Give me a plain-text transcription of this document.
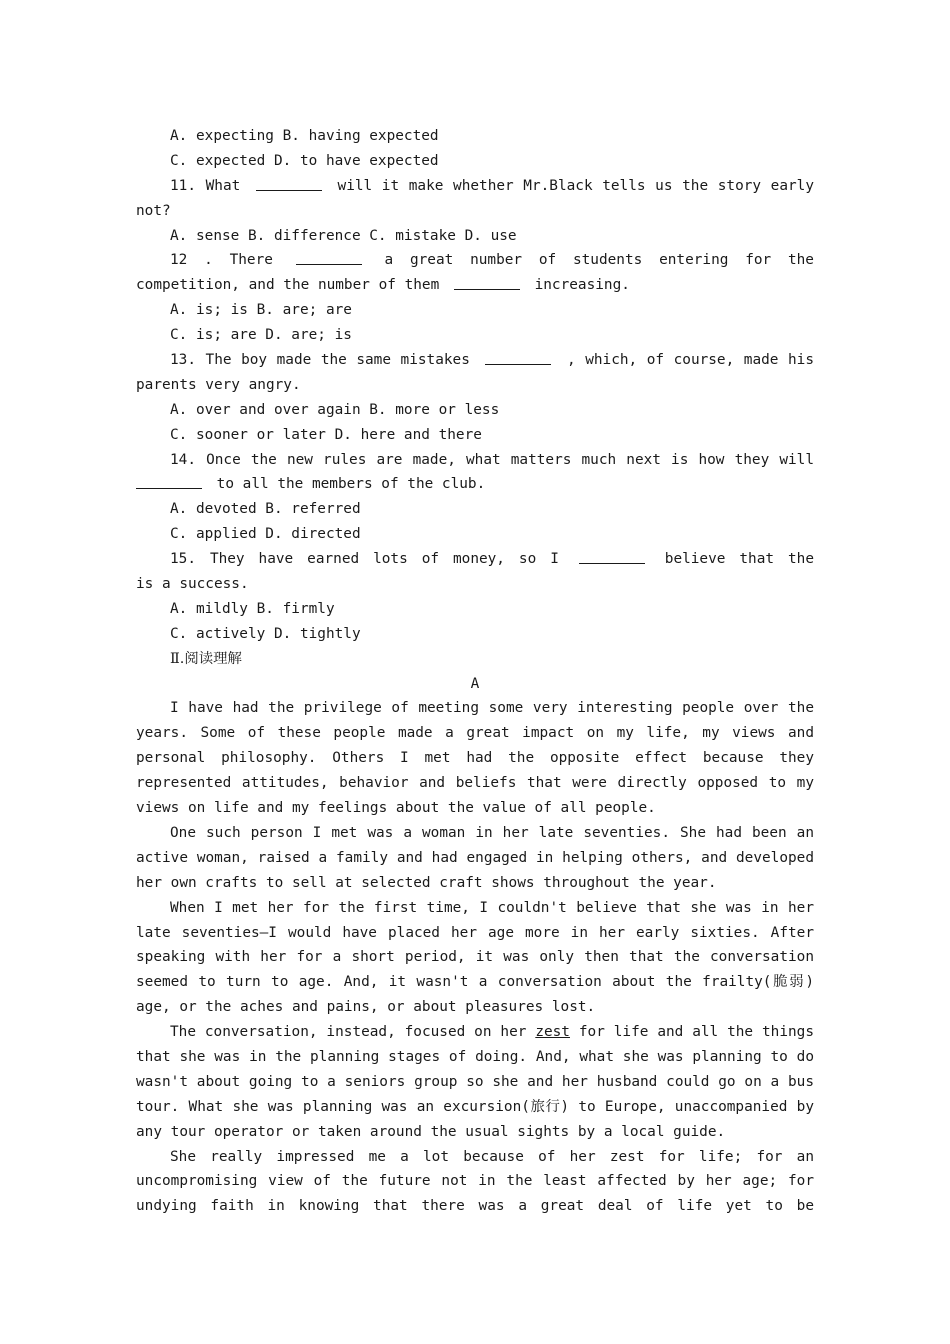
A. expecting B. having expected
C. expected D. to have expected
11. What	will it make whether Mr.Black tells us the story early
not?
A. sense B. difference C. mistake D. use
12 . There	a great number of students entering for the
competition, and the number of them	increasing.
A. is; is B. are; are
C. is; are D. are; is
13. The boy made the same mistakes	, which, of course, made his
parents very angry.
A. over and over again B. more or less
C. sooner or later D. here and there
14. Once the new rules are made, what matters much next is how they will
to all the members of the club.
A. devoted B. referred
C. applied D. directed
15. They have earned lots of money, so I	believe that the
is a success.
A. mildly B. firmly
C. actively D. tightly
Ⅱ.阅读理解
A
I have had the privilege of meeting some very interesting people over the
years. Some of these people made a great impact on my life, my views and
personal philosophy. Others I met had the opposite effect because they
represented attitudes, behavior and beliefs that were directly opposed to my
views on life and my feelings about the value of all people.
One such person I met was a woman in her late seventies. She had been an
active woman, raised a family and had engaged in helping others, and developed
her own crafts to sell at selected craft shows throughout the year.
When I met her for the first time, I couldn't believe that she was in her
late seventies—I would have placed her age more in her early sixties. After
speaking with her for a short period, it was only then that the conversation
seemed to turn to age. And, it wasn't a conversation about the frailty(脆弱)
age, or the aches and pains, or about pleasures lost.
The conversation, instead, focused on her zest for life and all the things
that she was in the planning stages of doing. And, what she was planning to do
wasn't about going to a seniors group so she and her husband could go on a bus
tour. What she was planning was an excursion(旅行) to Europe, unaccompanied by
any tour operator or taken around the usual sights by a local guide.
She really impressed me a lot because of her zest for life; for an
uncompromising view of the future not in the least affected by her age; for
undying faith in knowing that there was a great deal of life yet to be
